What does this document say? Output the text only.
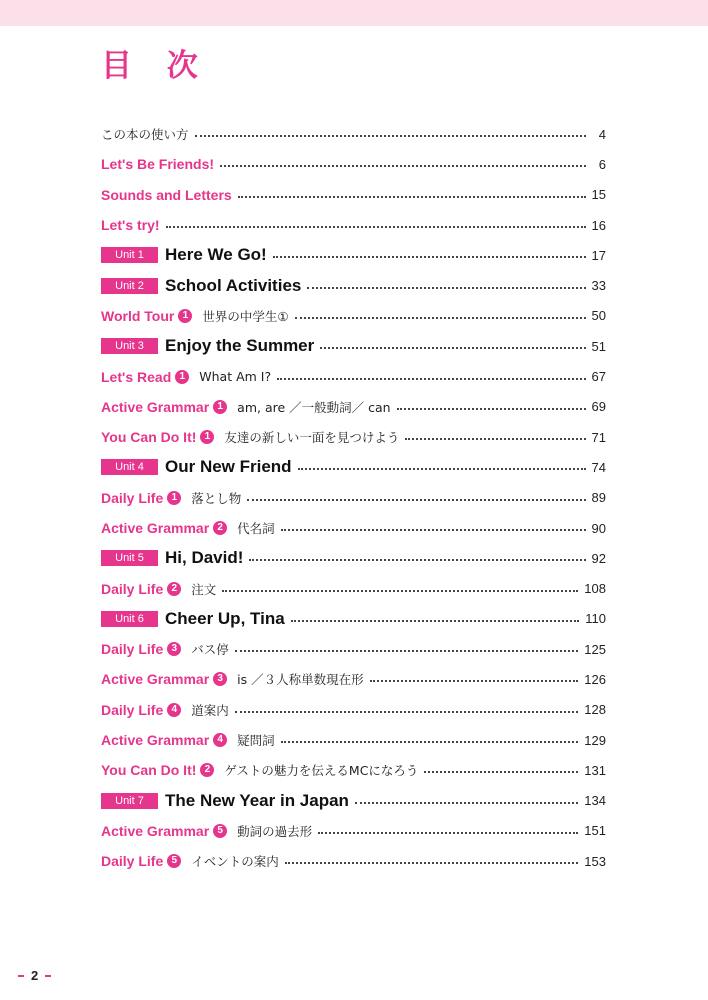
目 次
この本の使い方	4
Let's Be Friends!	6
Sounds and Letters	15
Let's try!	16
Unit 1	Here We Go!	17
Unit 2	School Activities	33
World Tour 1	世界の中学生①	50
Unit 3	Enjoy the Summer	51
Let's Read 1	What Am I?	67
Active Grammar 1	am, are ／一般動詞／ can	69
You Can Do It! 1	友達の新しい一面を見つけよう	71
Unit 4	Our New Friend	74
Daily Life 1	落とし物	89
Active Grammar 2	代名詞	90
Unit 5	Hi, David!	92
Daily Life 2	注文	108
Unit 6	Cheer Up, Tina	110
Daily Life 3	バス停	125
Active Grammar 3	is ／３人称単数現在形	126
Daily Life 4	道案内	128
Active Grammar 4	疑問詞	129
You Can Do It! 2	ゲストの魅力を伝えるMCになろう	131
Unit 7	The New Year in Japan	134
Active Grammar 5	動詞の過去形	151
Daily Life 5	イベントの案内	153
2
